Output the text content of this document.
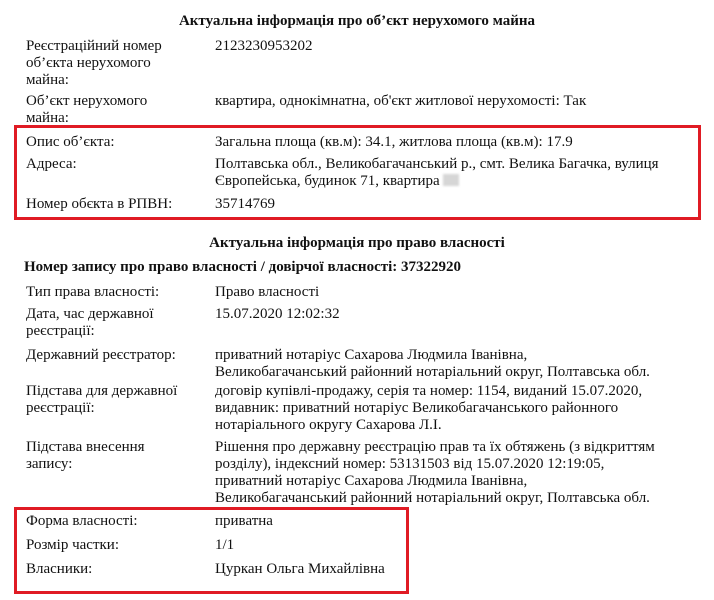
Актуальна інформація про об’єкт нерухомого майна
Реєстраційний номер
об’єкта нерухомого
майна:
2123230953202
Об’єкт нерухомого
майна:
квартира, однокімнатна, об'єкт житлової нерухомості: Так
Опис об’єкта:	Загальна площа (кв.м): 34.1, житлова площа (кв.м): 17.9
Адреса:	Полтавська обл., Великобагачанський р., смт. Велика Багачка, вулиця
Європейська, будинок 71, квартира
Номер обєкта в РПВН:	35714769
Актуальна інформація про право власності
Номер запису про право власності / довірчої власності: 37322920
Тип права власності:	Право власності
Дата, час державної
реєстрації:
15.07.2020 12:02:32
Державний реєстратор:	приватний нотаріус Сахарова Людмила Іванівна,
Великобагачанський районний нотаріальний округ, Полтавська обл.
Підстава для державної
реєстрації:
договір купівлі-продажу, серія та номер: 1154, виданий 15.07.2020,
видавник: приватний нотаріус Великобагачанського районного
нотаріального округу Сахарова Л.І.
Підстава внесення
запису:
Рішення про державну реєстрацію прав та їх обтяжень (з відкриттям
розділу), індексний номер: 53131503 від 15.07.2020 12:19:05,
приватний нотаріус Сахарова Людмила Іванівна,
Великобагачанський районний нотаріальний округ, Полтавська обл.
Форма власності:	приватна
Розмір частки:	1/1
Власники:	Цуркан Ольга Михайлівна
